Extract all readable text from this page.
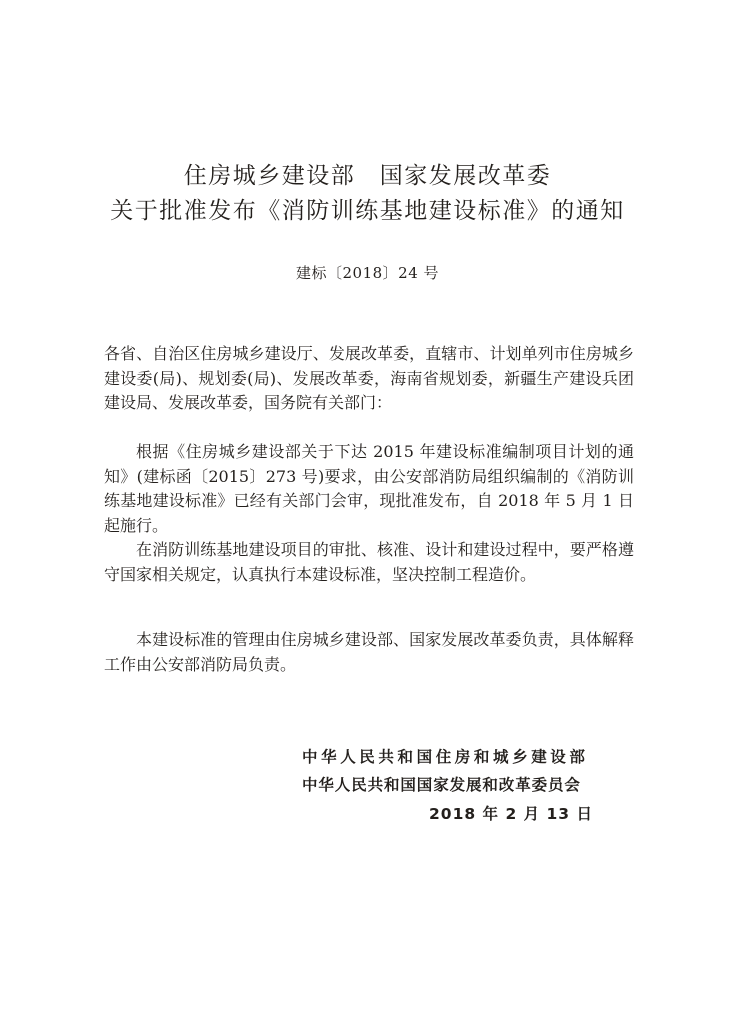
住房城乡建设部　国家发展改革委
关于批准发布《消防训练基地建设标准》的通知
建标〔2018〕24 号

各省、自治区住房城乡建设厅、发展改革委，直辖市、计划单列市住房城乡建设委(局)、规划委(局)、发展改革委，海南省规划委，新疆生产建设兵团建设局、发展改革委，国务院有关部门：

根据《住房城乡建设部关于下达 2015 年建设标准编制项目计划的通知》(建标函〔2015〕273 号)要求，由公安部消防局组织编制的《消防训练基地建设标准》已经有关部门会审，现批准发布，自 2018 年 5 月 1 日起施行。

在消防训练基地建设项目的审批、核准、设计和建设过程中，要严格遵守国家相关规定，认真执行本建设标准，坚决控制工程造价。

本建设标准的管理由住房城乡建设部、国家发展改革委负责，具体解释工作由公安部消防局负责。

中华人民共和国住房和城乡建设部
中华人民共和国国家发展和改革委员会
2018 年 2 月 13 日
